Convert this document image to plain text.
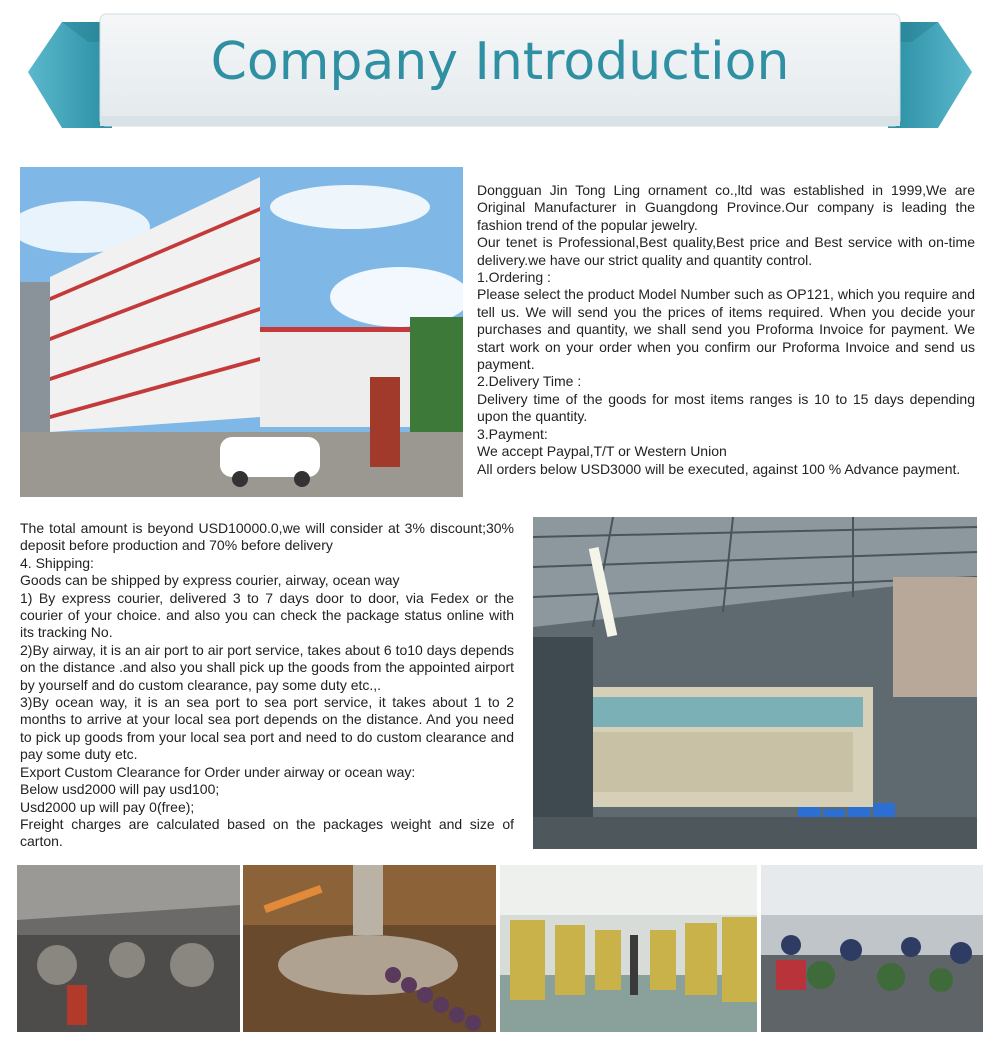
Company Introduction

Dongguan Jin Tong Ling ornament co.,ltd was established in 1999,We are Original Manufacturer in Guangdong Province.Our company is leading the fashion trend of the popular jewelry.

Our tenet is Professional,Best quality,Best price and Best service with on-time delivery.we have our strict quality and quantity control.

1.Ordering :

Please select the product Model Number such as OP121, which you require and tell us. We will send you the prices of items required. When you decide your purchases and quantity, we shall send you Proforma Invoice for payment. We start work on your order when you confirm our Proforma Invoice and send us payment.

2.Delivery Time :

Delivery time of the goods for most items ranges is 10 to 15 days depending upon the quantity.

3.Payment:

We accept Paypal,T/T or Western Union

All orders below USD3000 will be executed, against 100 % Advance payment.

The total amount is beyond USD10000.0,we will consider at 3% discount;30% deposit before production and 70% before delivery

4. Shipping:

Goods can be shipped by express courier, airway, ocean way

1) By express courier, delivered 3 to 7 days door to door, via Fedex or the courier of your choice. and also you can check the package status online with its tracking No.

2)By airway, it is an air port to air port service, takes about 6 to10 days depends on the distance .and also you shall pick up the goods from the appointed airport by yourself and do custom clearance, pay some duty etc.,.

3)By ocean way, it is an sea port to sea port service, it takes about 1 to 2 months to arrive at your local sea port depends on the distance. And you need to pick up goods from your local sea port and need to do custom clearance and pay some duty etc.

Export Custom Clearance for Order under airway or ocean way:

Below usd2000 will pay usd100;

Usd2000 up will pay 0(free);

Freight charges are calculated based on the packages weight and size of carton.
